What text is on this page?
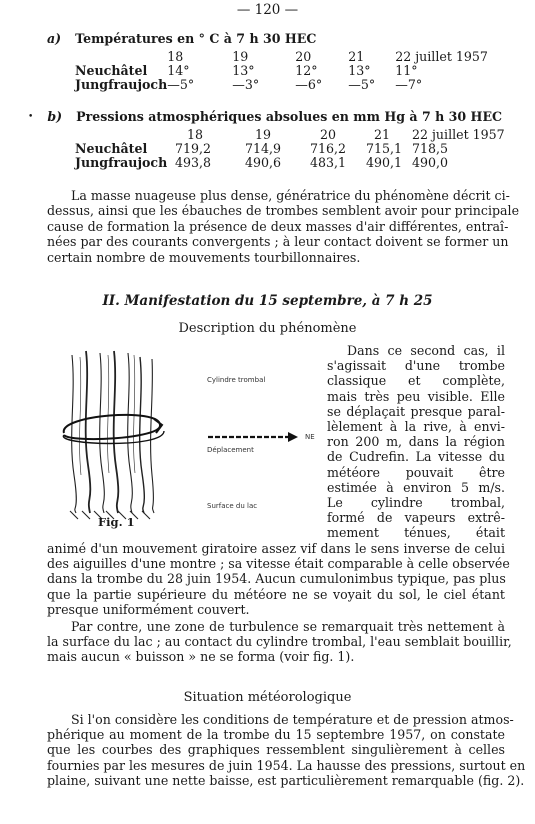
— 120 —
a) Températures en ° C à 7 h 30 HEC
	18	19	20	21	22 juillet 1957
Neuchâtel	14°	13°	12°	13°	11°
Jungfraujoch	—5°	—3°	—6°	—5°	—7°
• b) Pressions atmosphériques absolues en mm Hg à 7 h 30 HEC
	18	19	20	21	22 juillet 1957
Neuchâtel	719,2	714,9	716,2	715,1	718,5
Jungfraujoch	493,8	490,6	483,1	490,1	490,0
La masse nuageuse plus dense, génératrice du phénomène décrit ci-
dessus, ainsi que les ébauches de trombes semblent avoir pour principale
cause de formation la présence de deux masses d'air différentes, entraî-
nées par des courants convergents ; à leur contact doivent se former un
certain nombre de mouvements tourbillonnaires.
II. Manifestation du 15 septembre, à 7 h 25
Description du phénomène
Cylindre trombal
Déplacement
NE
Surface du lac
Fig. 1
Dans ce second cas, il
s'agissait d'une trombe
classique et complète,
mais très peu visible. Elle
se déplaçait presque paral-
lèlement à la rive, à envi-
ron 200 m, dans la région
de Cudrefin. La vitesse du
météore pouvait être
estimée à environ 5 m/s.
Le cylindre trombal,
formé de vapeurs extrê-
mement ténues, était
animé d'un mouvement giratoire assez vif dans le sens inverse de celui
des aiguilles d'une montre ; sa vitesse était comparable à celle observée
dans la trombe du 28 juin 1954. Aucun cumulonimbus typique, pas plus
que la partie supérieure du météore ne se voyait du sol, le ciel étant
presque uniformément couvert.
Par contre, une zone de turbulence se remarquait très nettement à
la surface du lac ; au contact du cylindre trombal, l'eau semblait bouillir,
mais aucun « buisson » ne se forma (voir fig. 1).
Situation météorologique
Si l'on considère les conditions de température et de pression atmos-
phérique au moment de la trombe du 15 septembre 1957, on constate
que les courbes des graphiques ressemblent singulièrement à celles
fournies par les mesures de juin 1954. La hausse des pressions, surtout en
plaine, suivant une nette baisse, est particulièrement remarquable (fig. 2).
